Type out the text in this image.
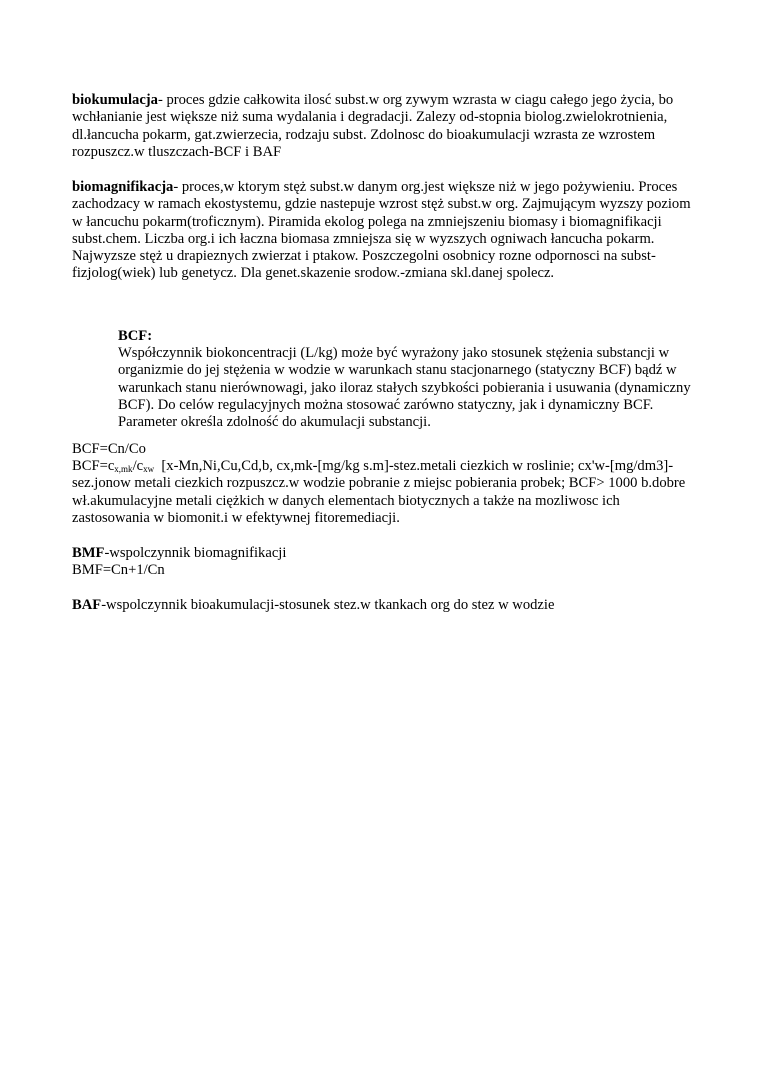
biokumulacja- proces gdzie całkowita ilosć subst.w org zywym wzrasta w ciagu całego jego życia, bo wchłanianie jest większe niż suma wydalania i degradacji. Zalezy od-stopnia biolog.zwielokrotnienia, dl.łancucha pokarm, gat.zwierzecia, rodzaju subst. Zdolnosc do bioakumulacji wzrasta ze wzrostem rozpuszcz.w tluszczach-BCF i BAF

biomagnifikacja- proces,w ktorym stęż subst.w danym org.jest większe niż w jego pożywieniu. Proces zachodzacy w ramach ekostystemu, gdzie nastepuje wzrost stęż subst.w org. Zajmującym wyzszy poziom w łancuchu pokarm(troficznym). Piramida ekolog polega na zmniejszeniu biomasy i biomagnifikacji subst.chem. Liczba org.i ich łaczna biomasa zmniejsza się w wyzszych ogniwach łancucha pokarm. Najwyzsze stęż u drapieznych zwierzat i ptakow. Poszczegolni osobnicy rozne odpornosci na subst-fizjolog(wiek) lub genetycz. Dla genet.skazenie srodow.-zmiana skl.danej spolecz.

BCF:

Współczynnik biokoncentracji (L/kg) może być wyrażony jako stosunek stężenia substancji w organizmie do jej stężenia w wodzie w warunkach stanu stacjonarnego (statyczny BCF) bądź w warunkach stanu nierównowagi, jako iloraz stałych szybkości pobierania i usuwania (dynamiczny BCF). Do celów regulacyjnych można stosować zarówno statyczny, jak i dynamiczny BCF. Parameter określa zdolność do akumulacji substancji.

BCF=Cn/Co

$BCF=c_{x,mk}/c_{xw}$  [x-Mn,Ni,Cu,Cd,b, cx,mk-[mg/kg s.m]-stez.metali ciezkich w roslinie; cx'w-[mg/dm3]-sez.jonow metali ciezkich rozpuszcz.w wodzie pobranie z miejsc pobierania probek; BCF> 1000 b.dobre wł.akumulacyjne metali ciężkich w danych elementach biotycznych a także na mozliwosc ich zastosowania w biomonit.i w efektywnej fitoremediacji.

BMF-wspolczynnik biomagnifikacji

BMF=Cn+1/Cn

BAF-wspolczynnik bioakumulacji-stosunek stez.w tkankach org do stez w wodzie
